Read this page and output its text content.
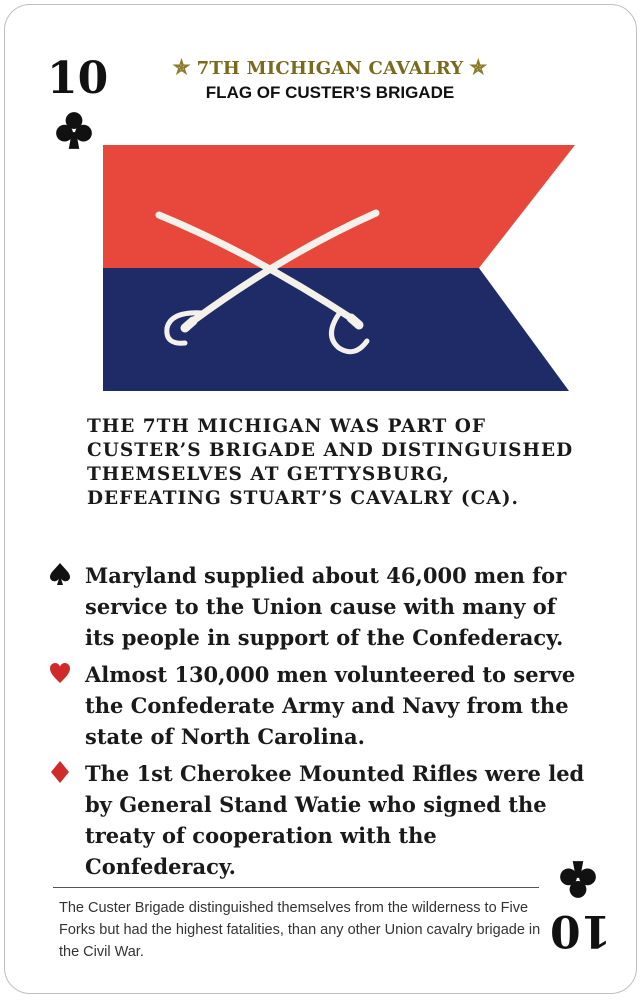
10	✯ 7TH MICHIGAN CAVALRY ✯
FLAG OF CUSTER’S BRIGADE
THE 7TH MICHIGAN WAS PART OF CUSTER’S BRIGADE AND DISTINGUISHED THEMSELVES AT GETTYSBURG, DEFEATING STUART’S CAVALRY (CA).
Maryland supplied about 46,000 men for service to the Union cause with many of its people in support of the Confederacy.
Almost 130,000 men volunteered to serve the Confederate Army and Navy from the state of North Carolina.
The 1st Cherokee Mounted Rifles were led by General Stand Watie who signed the treaty of cooperation with the Confederacy.
10
The Custer Brigade distinguished themselves from the wilderness to Five Forks but had the highest fatalities, than any other Union cavalry brigade in the Civil War.
